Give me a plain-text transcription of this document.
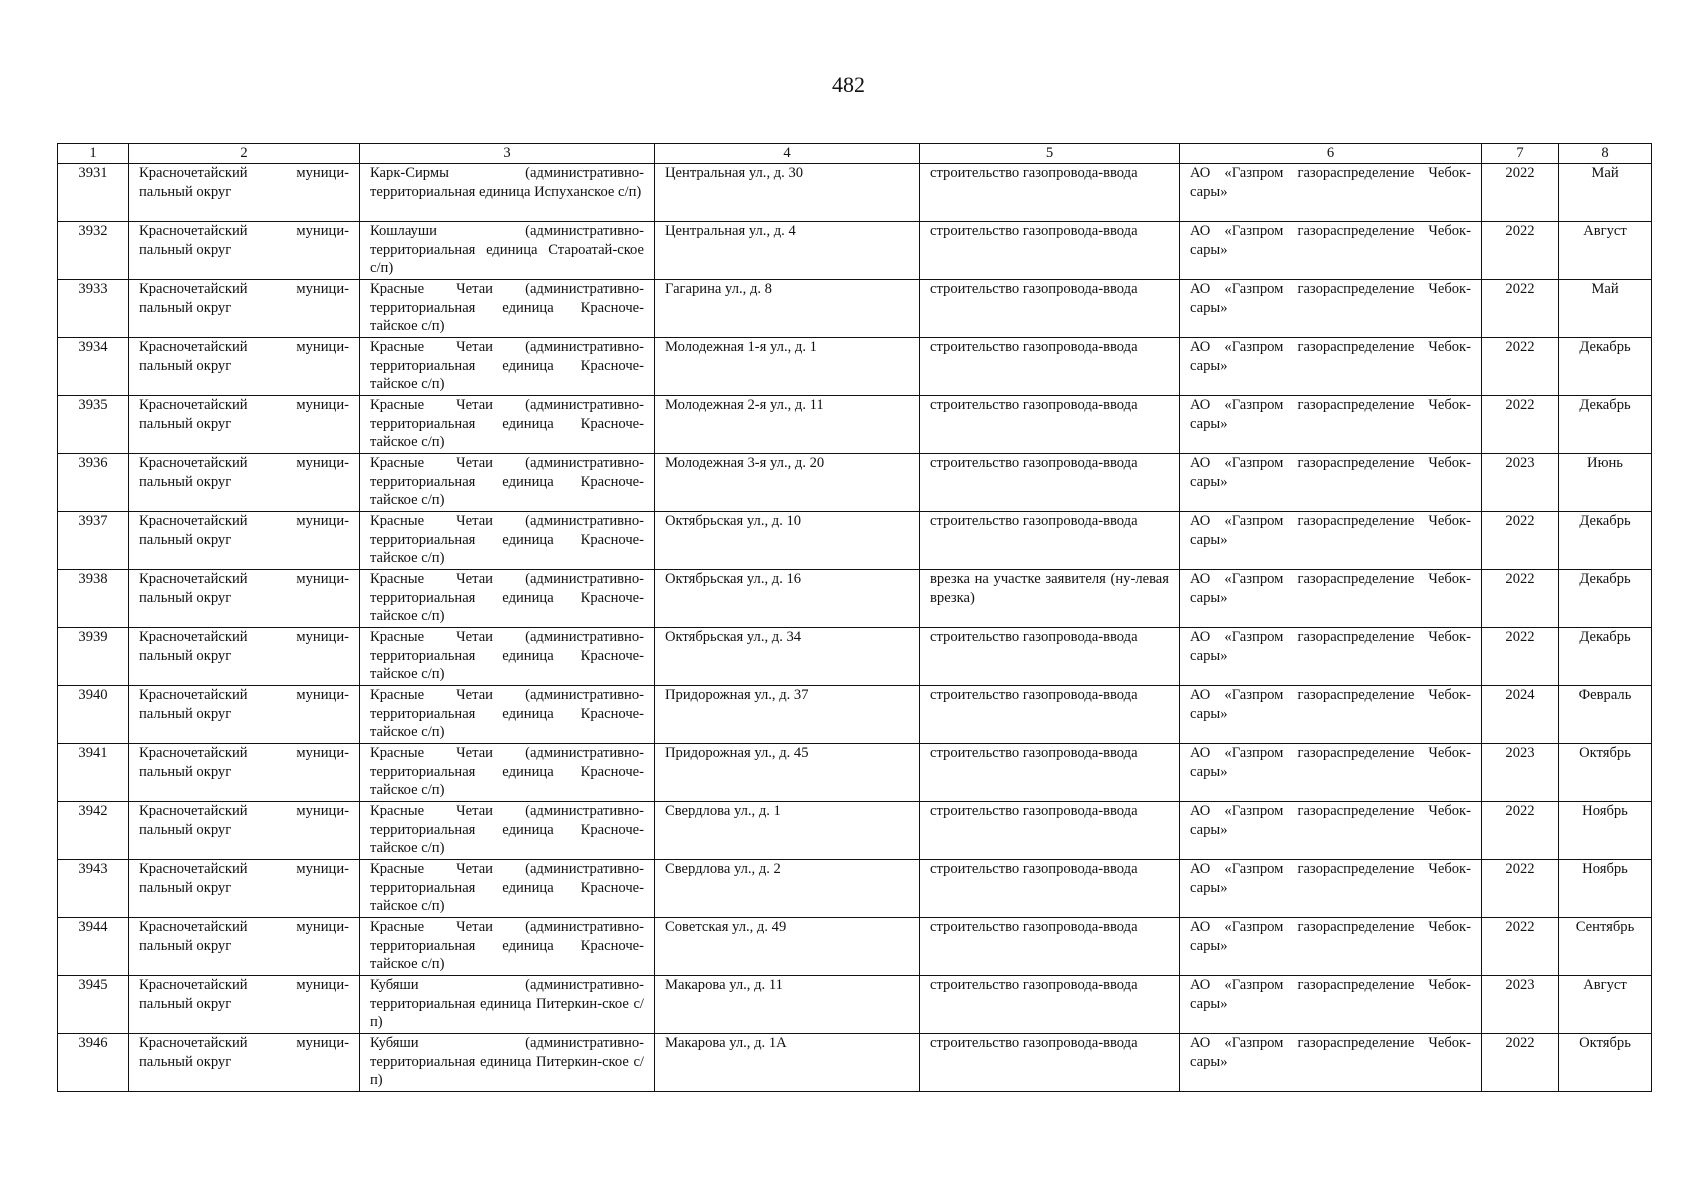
482
1	2	3	4	5	6	7	8
3931	Красночетайский муници-пальный округ	Карк-Сирмы (административно-территориальная единица Испуханское с/п)	Центральная ул., д. 30	строительство газопровода-ввода	АО «Газпром газораспределение Чебок-сары»	2022	Май
3932	Красночетайский муници-пальный округ	Кошлауши (административно-территориальная единица Староатай-ское с/п)	Центральная ул., д. 4	строительство газопровода-ввода	АО «Газпром газораспределение Чебок-сары»	2022	Август
3933	Красночетайский муници-пальный округ	Красные Четаи (административно-территориальная единица Красноче-тайское с/п)	Гагарина ул., д. 8	строительство газопровода-ввода	АО «Газпром газораспределение Чебок-сары»	2022	Май
3934	Красночетайский муници-пальный округ	Красные Четаи (административно-территориальная единица Красноче-тайское с/п)	Молодежная 1-я ул., д. 1	строительство газопровода-ввода	АО «Газпром газораспределение Чебок-сары»	2022	Декабрь
3935	Красночетайский муници-пальный округ	Красные Четаи (административно-территориальная единица Красноче-тайское с/п)	Молодежная 2-я ул., д. 11	строительство газопровода-ввода	АО «Газпром газораспределение Чебок-сары»	2022	Декабрь
3936	Красночетайский муници-пальный округ	Красные Четаи (административно-территориальная единица Красноче-тайское с/п)	Молодежная 3-я ул., д. 20	строительство газопровода-ввода	АО «Газпром газораспределение Чебок-сары»	2023	Июнь
3937	Красночетайский муници-пальный округ	Красные Четаи (административно-территориальная единица Красноче-тайское с/п)	Октябрьская ул., д. 10	строительство газопровода-ввода	АО «Газпром газораспределение Чебок-сары»	2022	Декабрь
3938	Красночетайский муници-пальный округ	Красные Четаи (административно-территориальная единица Красноче-тайское с/п)	Октябрьская ул., д. 16	врезка на участке заявителя (ну-левая врезка)	АО «Газпром газораспределение Чебок-сары»	2022	Декабрь
3939	Красночетайский муници-пальный округ	Красные Четаи (административно-территориальная единица Красноче-тайское с/п)	Октябрьская ул., д. 34	строительство газопровода-ввода	АО «Газпром газораспределение Чебок-сары»	2022	Декабрь
3940	Красночетайский муници-пальный округ	Красные Четаи (административно-территориальная единица Красноче-тайское с/п)	Придорожная ул., д. 37	строительство газопровода-ввода	АО «Газпром газораспределение Чебок-сары»	2024	Февраль
3941	Красночетайский муници-пальный округ	Красные Четаи (административно-территориальная единица Красноче-тайское с/п)	Придорожная ул., д. 45	строительство газопровода-ввода	АО «Газпром газораспределение Чебок-сары»	2023	Октябрь
3942	Красночетайский муници-пальный округ	Красные Четаи (административно-территориальная единица Красноче-тайское с/п)	Свердлова ул., д. 1	строительство газопровода-ввода	АО «Газпром газораспределение Чебок-сары»	2022	Ноябрь
3943	Красночетайский муници-пальный округ	Красные Четаи (административно-территориальная единица Красноче-тайское с/п)	Свердлова ул., д. 2	строительство газопровода-ввода	АО «Газпром газораспределение Чебок-сары»	2022	Ноябрь
3944	Красночетайский муници-пальный округ	Красные Четаи (административно-территориальная единица Красноче-тайское с/п)	Советская ул., д. 49	строительство газопровода-ввода	АО «Газпром газораспределение Чебок-сары»	2022	Сентябрь
3945	Красночетайский муници-пальный округ	Кубяши (административно-территориальная единица Питеркин-ское с/п)	Макарова ул., д. 11	строительство газопровода-ввода	АО «Газпром газораспределение Чебок-сары»	2023	Август
3946	Красночетайский муници-пальный округ	Кубяши (административно-территориальная единица Питеркин-ское с/п)	Макарова ул., д. 1А	строительство газопровода-ввода	АО «Газпром газораспределение Чебок-сары»	2022	Октябрь
